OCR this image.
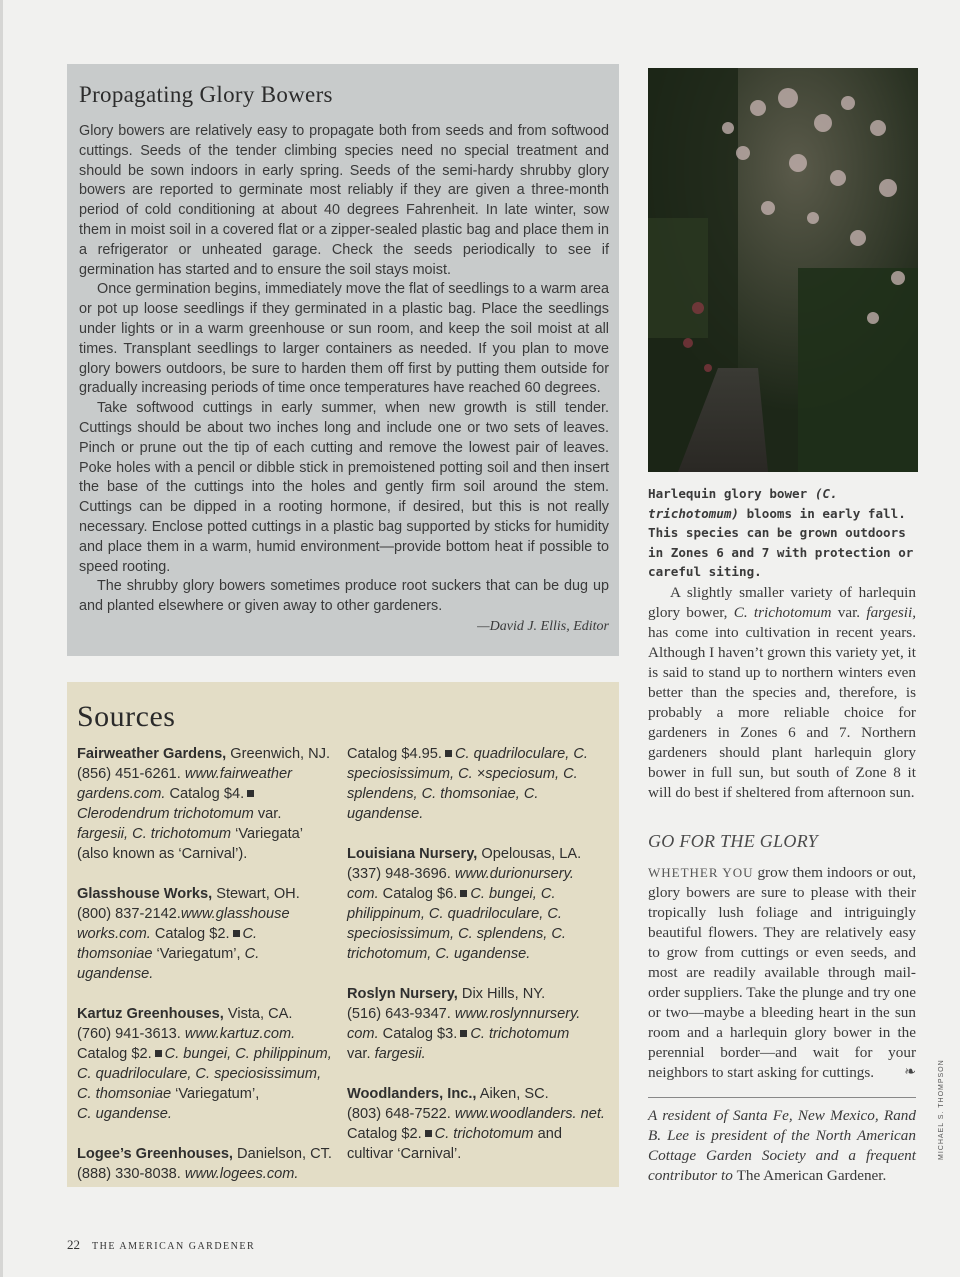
Propagating Glory Bowers

Glory bowers are relatively easy to propagate both from seeds and from softwood cuttings. Seeds of the tender climbing species need no special treatment and should be sown indoors in early spring. Seeds of the semi-hardy shrubby glory bowers are reported to germinate most reliably if they are given a three-month period of cold conditioning at about 40 degrees Fahrenheit. In late winter, sow them in moist soil in a covered flat or a zipper-sealed plastic bag and place them in a refrigerator or unheated garage. Check the seeds periodically to see if germination has started and to ensure the soil stays moist.

Once germination begins, immediately move the flat of seedlings to a warm area or pot up loose seedlings if they germinated in a plastic bag. Place the seedlings under lights or in a warm greenhouse or sun room, and keep the soil moist at all times. Transplant seedlings to larger containers as needed. If you plan to move glory bowers outdoors, be sure to harden them off first by putting them outside for gradually increasing periods of time once temperatures have reached 60 degrees.

Take softwood cuttings in early summer, when new growth is still tender. Cuttings should be about two inches long and include one or two sets of leaves. Pinch or prune out the tip of each cutting and remove the lowest pair of leaves. Poke holes with a pencil or dibble stick in premoistened potting soil and then insert the base of the cuttings into the holes and gently firm soil around the stem. Cuttings can be dipped in a rooting hormone, if desired, but this is not really necessary. Enclose potted cuttings in a plastic bag supported by sticks for humidity and place them in a warm, humid environment—provide bottom heat if possible to speed rooting.

The shrubby glory bowers sometimes produce root suckers that can be dug up and planted elsewhere or given away to other gardeners.

—David J. Ellis, Editor
Sources
Fairweather Gardens, Greenwich, NJ.
(856) 451-6261. www.fairweather gardens.com. Catalog $4.Clerodendrum trichotomum var. fargesii, C. trichotomum ‘Variegata’ (also known as ‘Carnival’).
Glasshouse Works, Stewart, OH.
(800) 837-2142.www.glasshouse works.com. Catalog $2. C. thomsoniae ‘Variegatum’, C. ugandense.
Kartuz Greenhouses, Vista, CA.
(760) 941-3613. www.kartuz.com.
Catalog $2. C. bungei, C. philippinum, C. quadriloculare, C. speciosissimum, C. thomsoniae ‘Variegatum’,
C. ugandense.
Logee’s Greenhouses, Danielson, CT.
(888) 330-8038. www.logees.com.
Catalog $4.95. C. quadriloculare, C. speciosissimum, C. ×speciosum, C. splendens, C. thomsoniae, C. ugandense.
Louisiana Nursery, Opelousas, LA.
(337) 948-3696. www.durionursery. com. Catalog $6. C. bungei, C. philippinum, C. quadriloculare, C. speciosissimum, C. splendens, C. trichotomum, C. ugandense.
Roslyn Nursery, Dix Hills, NY.
(516) 643-9347. www.roslynnursery. com. Catalog $3. C. trichotomum
var. fargesii.
Woodlanders, Inc., Aiken, SC.
(803) 648-7522. www.woodlanders. net. Catalog $2. C. trichotomum and cultivar ‘Carnival’.
Harlequin glory bower (C. trichotomum) blooms in early fall. This species can be grown outdoors in Zones 6 and 7 with protection or careful siting.

A slightly smaller variety of harlequin glory bower, C. trichotomum var. fargesii, has come into cultivation in recent years. Although I haven’t grown this variety yet, it is said to stand up to northern winters even better than the species and, therefore, is probably a more reliable choice for gardeners in Zones 6 and 7. Northern gardeners should plant harlequin glory bower in full sun, but south of Zone 8 it will do best if sheltered from afternoon sun.

GO FOR THE GLORY

WHETHER YOU grow them indoors or out, glory bowers are sure to please with their tropically lush foliage and intriguingly beautiful flowers. They are relatively easy to grow from cuttings or even seeds, and most are readily available through mail-order suppliers. Take the plunge and try one or two—maybe a bleeding heart in the sun room and a harlequin glory bower in the perennial border—and wait for your neighbors to start asking for cuttings. ❧

A resident of Santa Fe, New Mexico, Rand B. Lee is president of the North American Cottage Garden Society and a frequent contributor to The American Gardener.
MICHAEL S. THOMPSON
22 THE AMERICAN GARDENER
